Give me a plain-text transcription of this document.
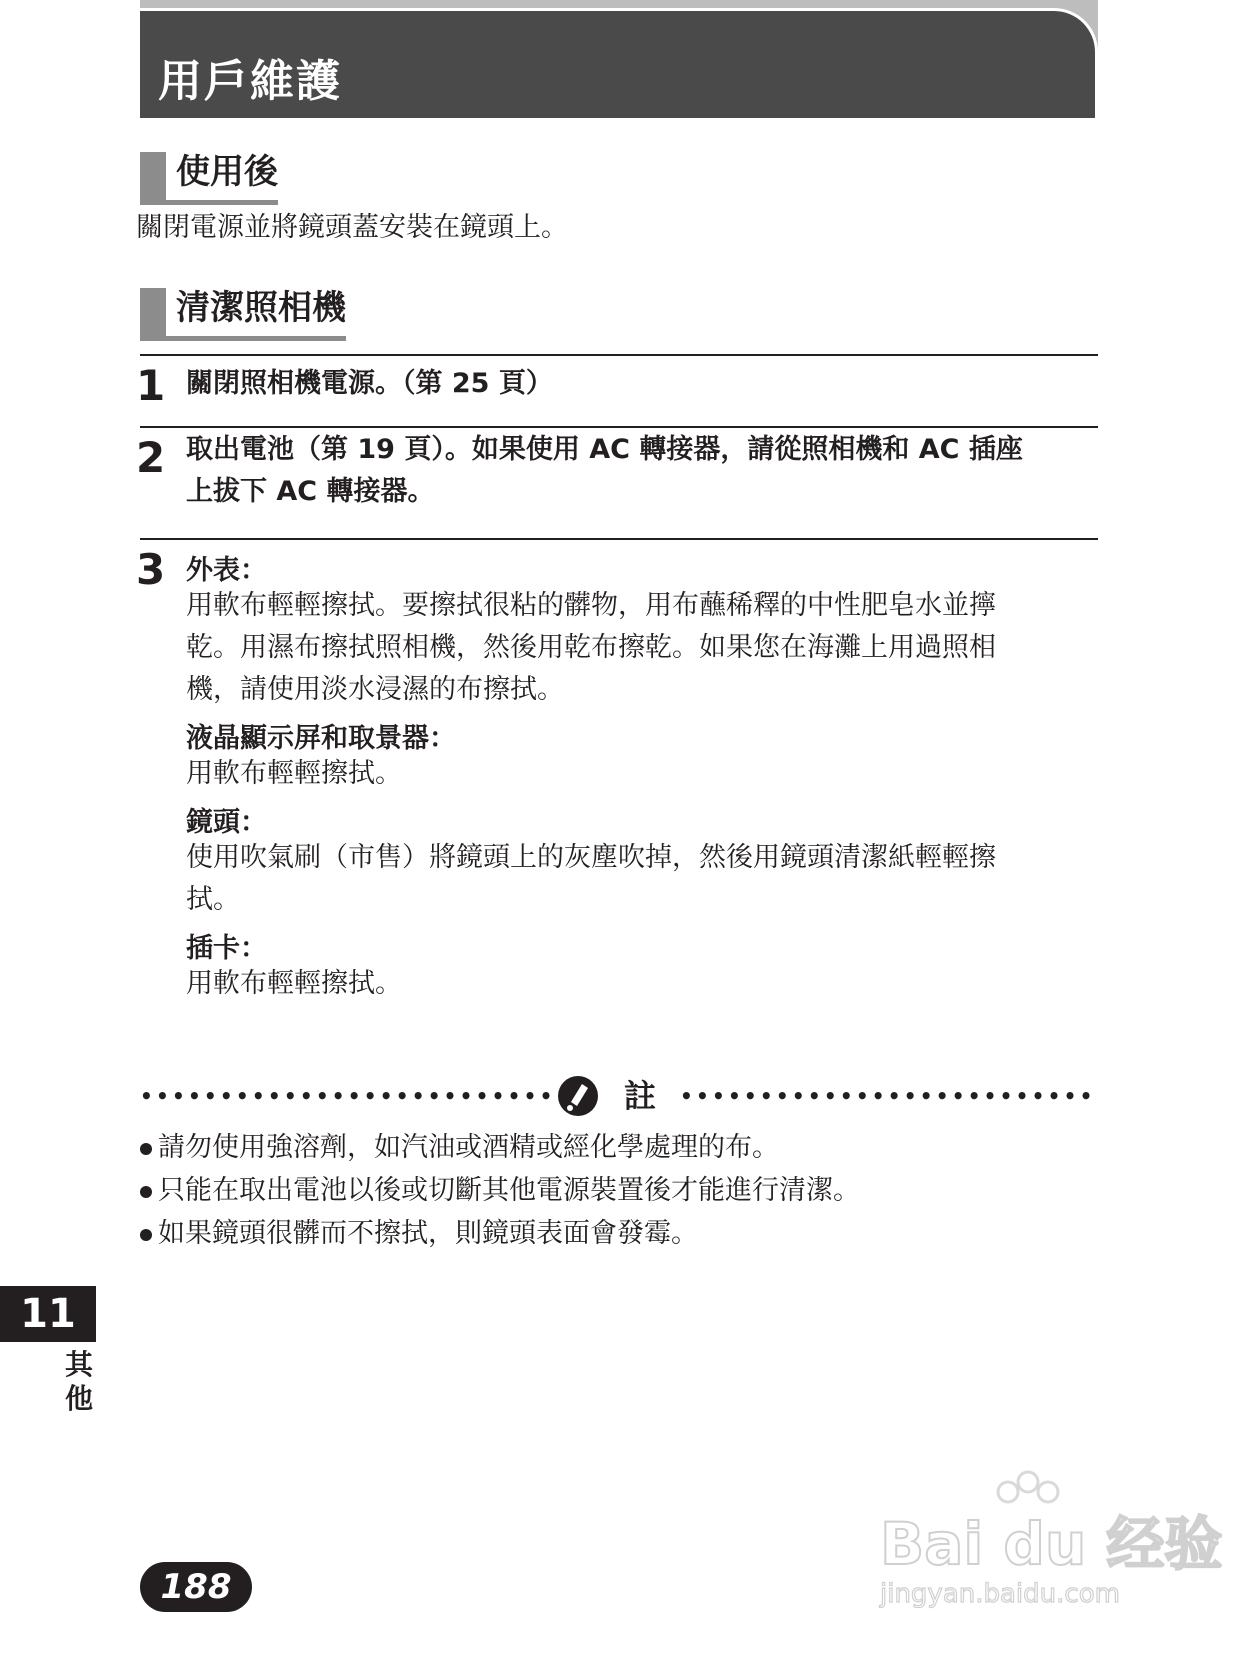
用戶維護
使用後

關閉電源並將鏡頭蓋安裝在鏡頭上。

清潔照相機
1 關閉照相機電源。（第 25 頁）

2 取出電池（第 19 頁）。如果使用 AC 轉接器，請從照相機和 AC 插座

上拔下 AC 轉接器。

3 外表：

用軟布輕輕擦拭。要擦拭很粘的髒物，用布蘸稀釋的中性肥皂水並擰

乾。用濕布擦拭照相機，然後用乾布擦乾。如果您在海灘上用過照相

機，請使用淡水浸濕的布擦拭。

液晶顯示屏和取景器：

用軟布輕輕擦拭。

鏡頭：

使用吹氣刷（市售）將鏡頭上的灰塵吹掉，然後用鏡頭清潔紙輕輕擦

拭。

插卡：

用軟布輕輕擦拭。

•••••••••••••••••••••••••• 註 ••••••••••••••••••••••••••
請勿使用強溶劑，如汽油或酒精或經化學處理的布。
只能在取出電池以後或切斷其他電源裝置後才能進行清潔。
如果鏡頭很髒而不擦拭，則鏡頭表面會發霉。
11
其
他
188
Bai du 经验
jingyan.baidu.com
